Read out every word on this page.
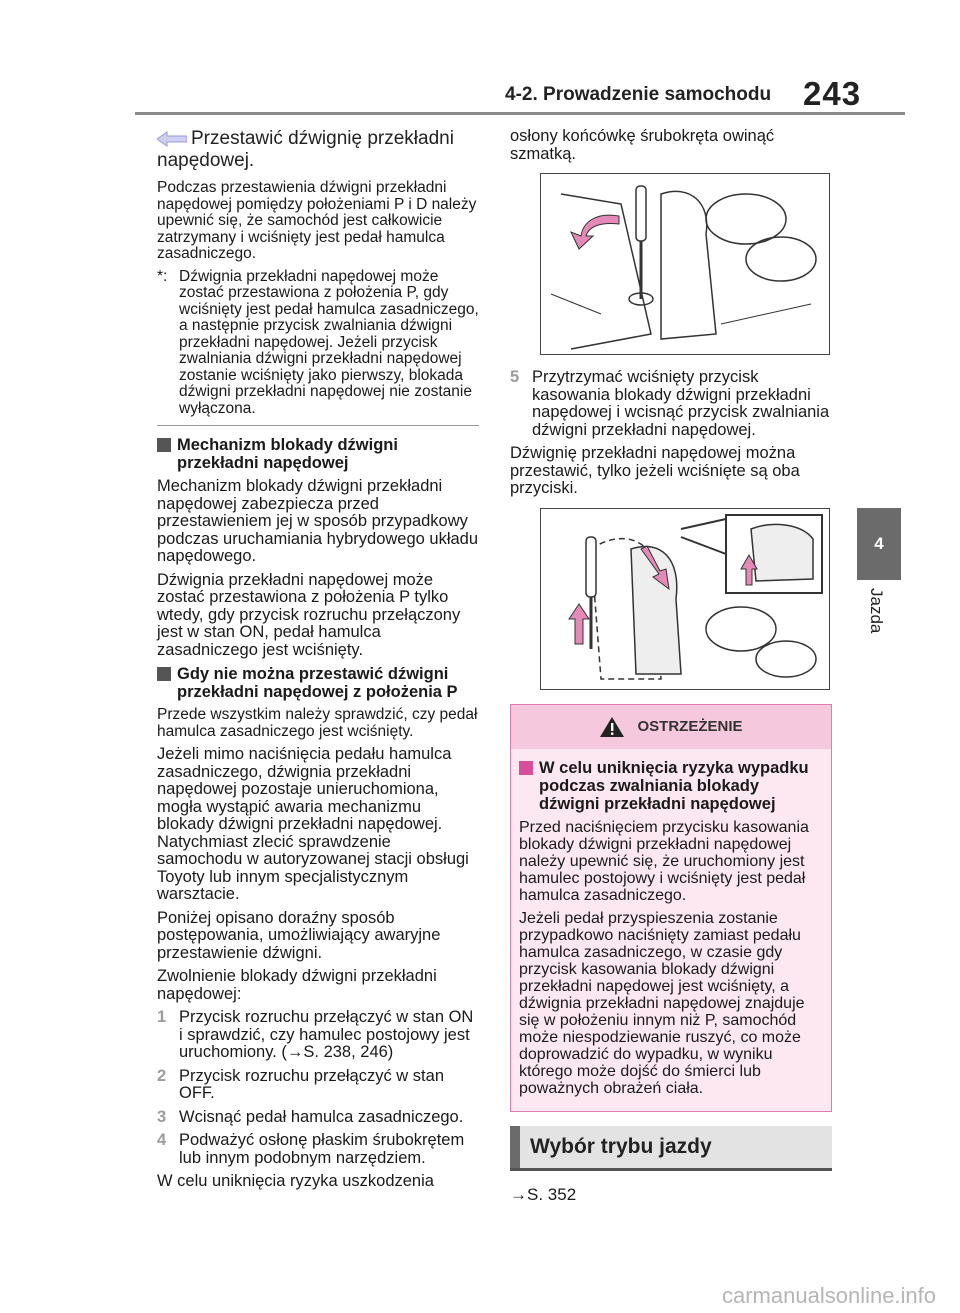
4-2. Prowadzenie samochodu 243
4
Jazda
Przestawić dźwignię przekładni napędowej.

Podczas przestawienia dźwigni przekładni napędowej pomiędzy położeniami P i D należy upewnić się, że samochód jest całkowicie zatrzymany i wciśnięty jest pedał hamulca zasadniczego.

*: Dźwignia przekładni napędowej może zostać przestawiona z położenia P, gdy wciśnięty jest pedał hamulca zasadniczego, a następnie przycisk zwalniania dźwigni przekładni napędowej. Jeżeli przycisk zwalniania dźwigni przekładni napędowej zostanie wciśnięty jako pierwszy, blokada dźwigni przekładni napędowej nie zostanie wyłączona.
Mechanizm blokady dźwigni przekładni napędowej

Mechanizm blokady dźwigni przekładni napędowej zabezpiecza przed przestawieniem jej w sposób przypadkowy podczas uruchamiania hybrydowego układu napędowego.

Dźwignia przekładni napędowej może zostać przestawiona z położenia P tylko wtedy, gdy przycisk rozruchu przełączony jest w stan ON, pedał hamulca zasadniczego jest wciśnięty.

Gdy nie można przestawić dźwigni przekładni napędowej z położenia P

Przede wszystkim należy sprawdzić, czy pedał hamulca zasadniczego jest wciśnięty.

Jeżeli mimo naciśnięcia pedału hamulca zasadniczego, dźwignia przekładni napędowej pozostaje unieruchomiona, mogła wystąpić awaria mechanizmu blokady dźwigni przekładni napędowej. Natychmiast zlecić sprawdzenie samochodu w autoryzowanej stacji obsługi Toyoty lub innym specjalistycznym warsztacie.

Poniżej opisano doraźny sposób postępowania, umożliwiający awaryjne przestawienie dźwigni.

Zwolnienie blokady dźwigni przekładni napędowej:

1 Przycisk rozruchu przełączyć w stan ON i sprawdzić, czy hamulec postojowy jest uruchomiony. (→S. 238, 246)
2 Przycisk rozruchu przełączyć w stan OFF.
3 Wcisnąć pedał hamulca zasadniczego.
4 Podważyć osłonę płaskim śrubokrętem lub innym podobnym narzędziem.

W celu uniknięcia ryzyka uszkodzenia

osłony końcówkę śrubokręta owinąć szmatką.

5 Przytrzymać wciśnięty przycisk kasowania blokady dźwigni przekładni napędowej i wcisnąć przycisk zwalniania dźwigni przekładni napędowej.

Dźwignię przekładni napędowej można przestawić, tylko jeżeli wciśnięte są oba przyciski.

OSTRZEŻENIE
W celu uniknięcia ryzyka wypadku podczas zwalniania blokady dźwigni przekładni napędowej

Przed naciśnięciem przycisku kasowania blokady dźwigni przekładni napędowej należy upewnić się, że uruchomiony jest hamulec postojowy i wciśnięty jest pedał hamulca zasadniczego.

Jeżeli pedał przyspieszenia zostanie przypadkowo naciśnięty zamiast pedału hamulca zasadniczego, w czasie gdy przycisk kasowania blokady dźwigni przekładni napędowej jest wciśnięty, a dźwignia przekładni napędowej znajduje się w położeniu innym niż P, samochód może niespodziewanie ruszyć, co może doprowadzić do wypadku, w wyniku którego może dojść do śmierci lub poważnych obrażeń ciała.

Wybór trybu jazdy
→S. 352
carmanualsonline.info
